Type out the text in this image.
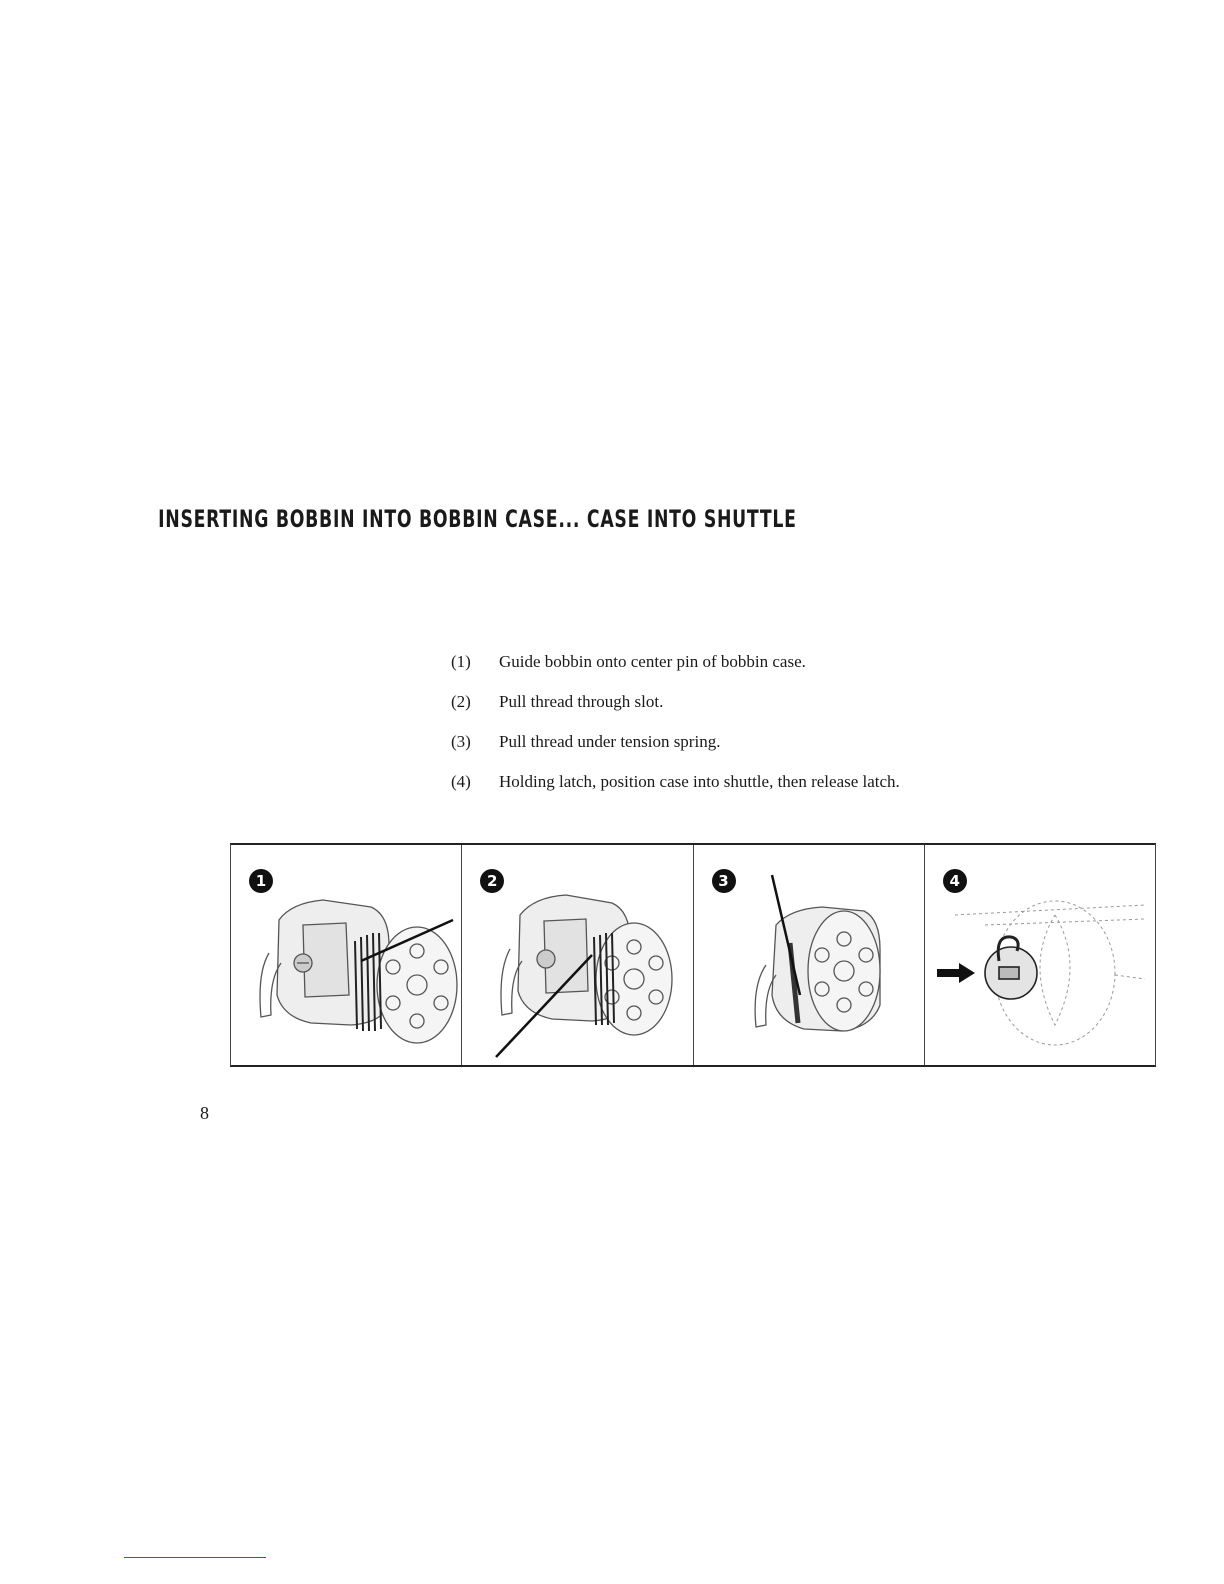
INSERTING BOBBIN INTO BOBBIN CASE... CASE INTO SHUTTLE
(1)	Guide bobbin onto center pin of bobbin case.
(2)	Pull thread through slot.
(3)	Pull thread under tension spring.
(4)	Holding latch, position case into shuttle, then release latch.
1	2	3	4
8
